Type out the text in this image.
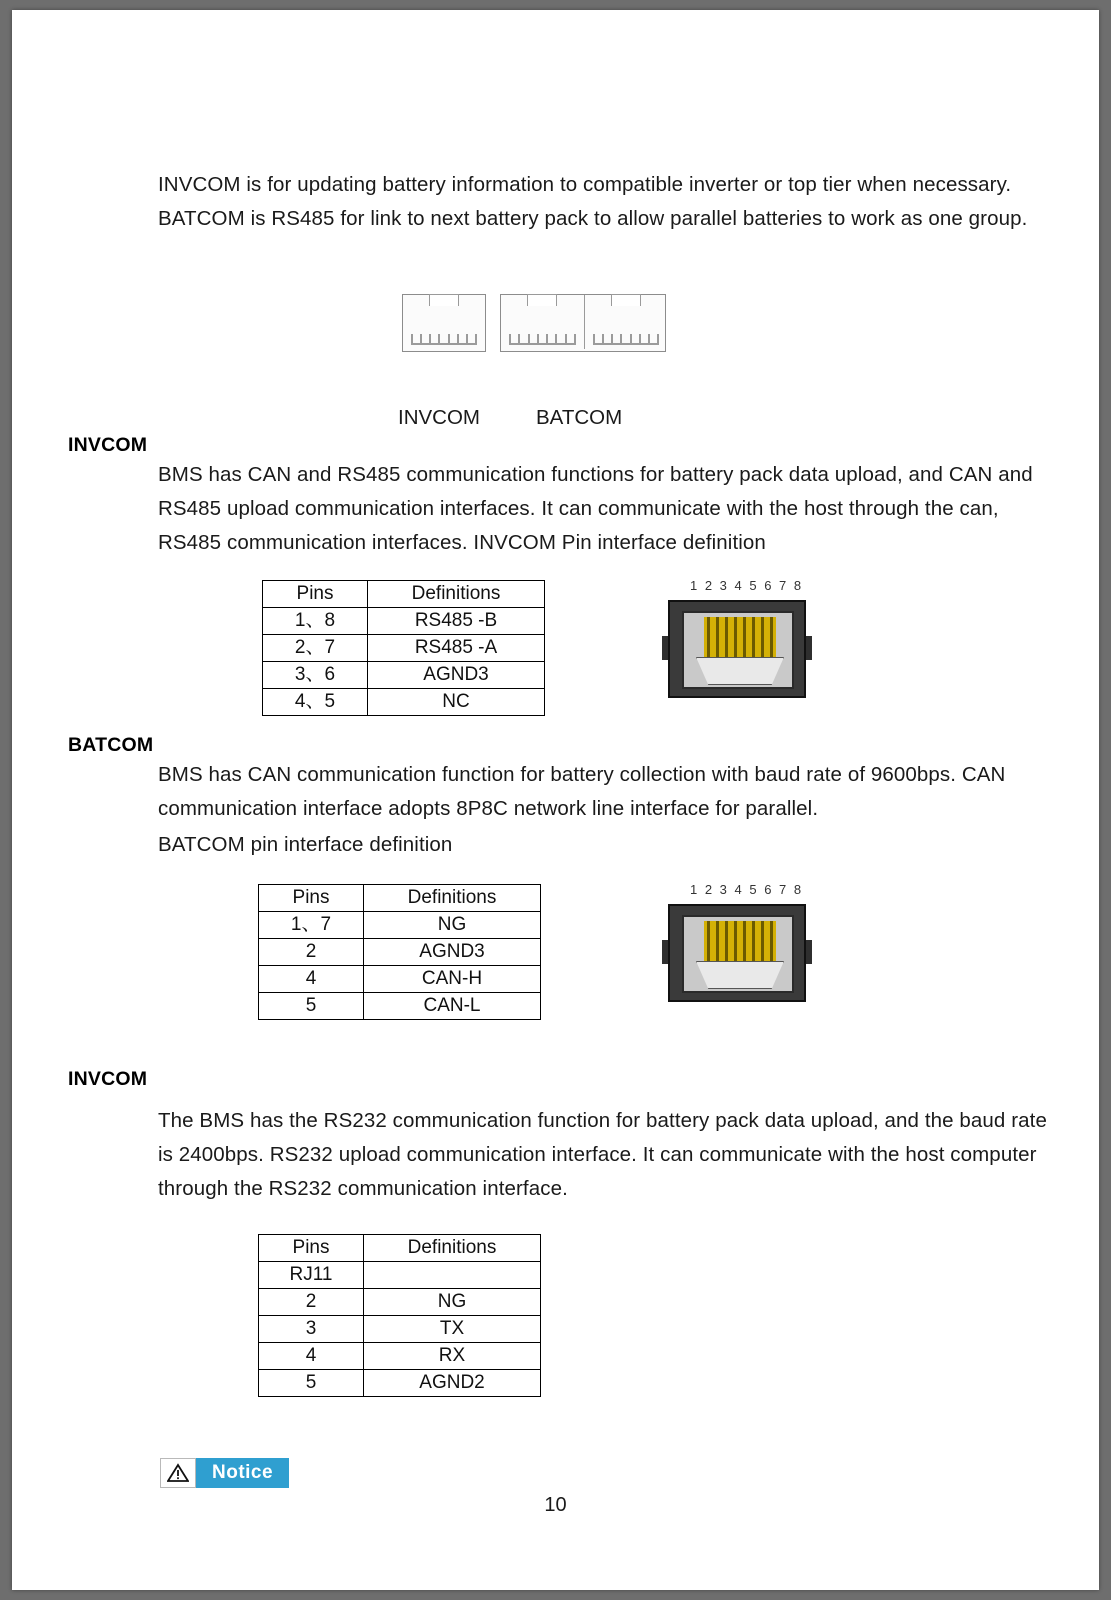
INVCOM is for updating battery information to compatible inverter or top tier when necessary. BATCOM is RS485 for link to next battery pack to allow parallel batteries to work as one group.
INVCOM	BATCOM
INVCOM
BMS has CAN and RS485 communication functions for battery pack data upload, and CAN and RS485 upload communication interfaces. It can communicate with the host through the can, RS485 communication interfaces. INVCOM Pin interface definition
Pins	Definitions
1、8	RS485 -B
2、7	RS485 -A
3、6	AGND3
4、5	NC
1 2 3 4 5 6 7 8
BATCOM
BMS has CAN communication function for battery collection with baud rate of 9600bps. CAN communication interface adopts 8P8C network line interface for parallel.
BATCOM pin interface definition
Pins	Definitions
1、7	NG
2	AGND3
4	CAN-H
5	CAN-L
1 2 3 4 5 6 7 8
INVCOM
The BMS has the RS232 communication function for battery pack data upload, and the baud rate is 2400bps. RS232 upload communication interface. It can communicate with the host computer through the RS232 communication interface.
Pins	Definitions
RJ11	
2	NG
3	TX
4	RX
5	AGND2
Notice
10
